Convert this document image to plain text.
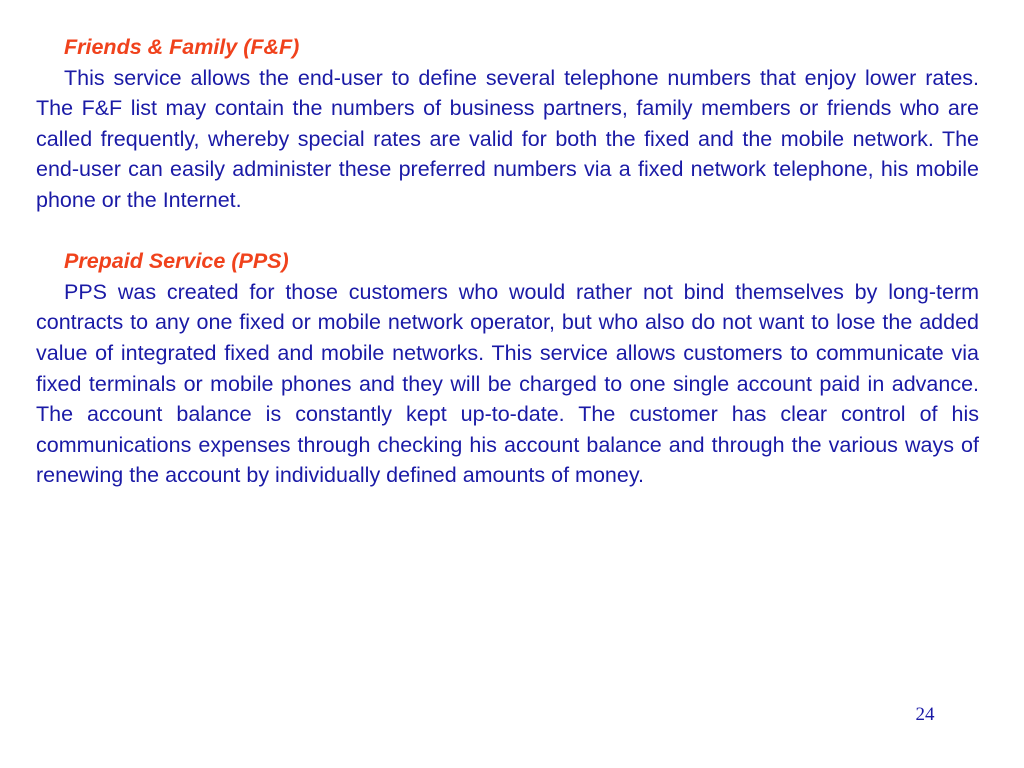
Friends & Family (F&F)

This service allows the end-user to define several telephone numbers that enjoy lower rates. The F&F list may contain the numbers of business partners, family members or friends who are called frequently, whereby special rates are valid for both the fixed and the mobile network. The end-user can easily administer these preferred numbers via a fixed network telephone, his mobile phone or the Internet.

Prepaid Service (PPS)

PPS was created for those customers who would rather not bind themselves by long-term contracts to any one fixed or mobile network operator, but who also do not want to lose the added value of integrated fixed and mobile networks. This service allows customers to communicate via fixed terminals or mobile phones and they will be charged to one single account paid in advance. The account balance is constantly kept up-to-date. The customer has clear control of his communications expenses through checking his account balance and through the various ways of renewing the account by individually defined amounts of money.

24
